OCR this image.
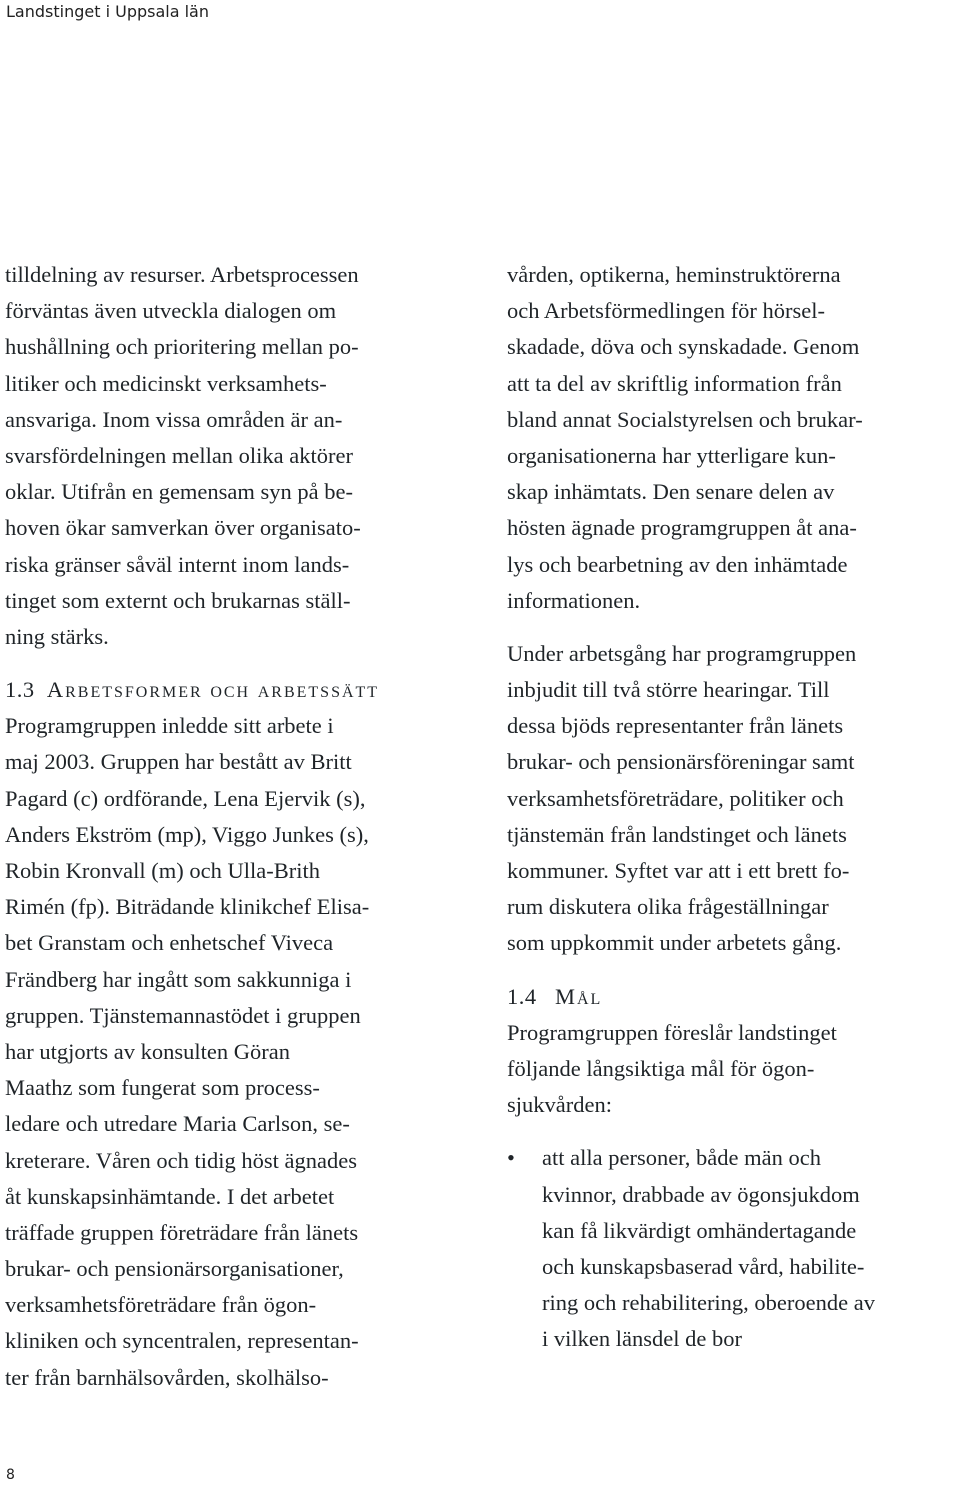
Landstinget i Uppsala län
tilldelning av resurser. Arbetsprocessen
förväntas även utveckla dialogen om
hushållning och prioritering mellan po-
litiker och medicinskt verksamhets-
ansvariga. Inom vissa områden är an-
svarsfördelningen mellan olika aktörer
oklar. Utifrån en gemensam syn på be-
hoven ökar samverkan över organisato-
riska gränser såväl internt inom lands-
tinget som externt och brukarnas ställ-
ning stärks.
1.3 Arbetsformer och arbetssätt
Programgruppen inledde sitt arbete i
maj 2003. Gruppen har bestått av Britt
Pagard (c) ordförande, Lena Ejervik (s),
Anders Ekström (mp), Viggo Junkes (s),
Robin Kronvall (m) och Ulla-Brith
Rimén (fp). Biträdande klinikchef Elisa-
bet Granstam och enhetschef Viveca
Frändberg har ingått som sakkunniga i
gruppen. Tjänstemannastödet i gruppen
har utgjorts av konsulten Göran
Maathz som fungerat som process-
ledare och utredare Maria Carlson, se-
kreterare. Våren och tidig höst ägnades
åt kunskapsinhämtande. I det arbetet
träffade gruppen företrädare från länets
brukar- och pensionärsorganisationer,
verksamhetsföreträdare från ögon-
kliniken och syncentralen, representan-
ter från barnhälsovården, skolhälso-
vården, optikerna, heminstruktörerna
och Arbetsförmedlingen för hörsel-
skadade, döva och synskadade. Genom
att ta del av skriftlig information från
bland annat Socialstyrelsen och brukar-
organisationerna har ytterligare kun-
skap inhämtats. Den senare delen av
hösten ägnade programgruppen åt ana-
lys och bearbetning av den inhämtade
informationen.
Under arbetsgång har programgruppen
inbjudit till två större hearingar. Till
dessa bjöds representanter från länets
brukar- och pensionärsföreningar samt
verksamhetsföreträdare, politiker och
tjänstemän från landstinget och länets
kommuner. Syftet var att i ett brett fo-
rum diskutera olika frågeställningar
som uppkommit under arbetets gång.
1.4 Mål
Programgruppen föreslår landstinget
följande långsiktiga mål för ögon-
sjukvården:
• att alla personer, både män och
kvinnor, drabbade av ögonsjukdom
kan få likvärdigt omhändertagande
och kunskapsbaserad vård, habilite-
ring och rehabilitering, oberoende av
i vilken länsdel de bor
8
